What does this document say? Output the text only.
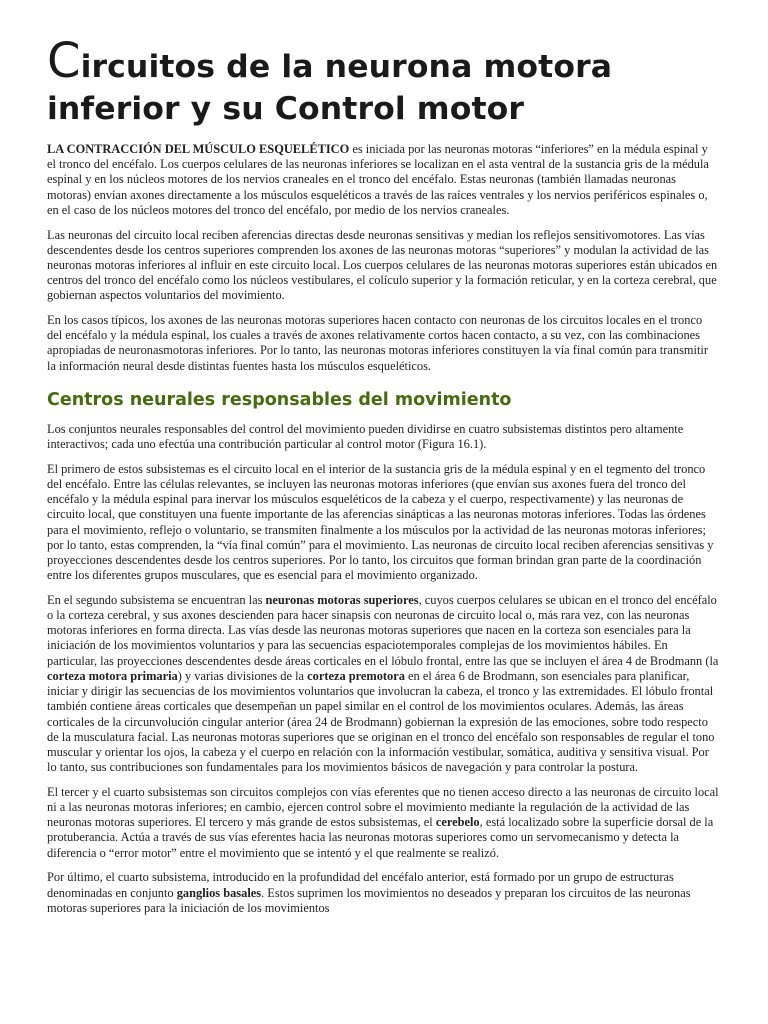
Circuitos de la neurona motora inferior y su Control motor

LA CONTRACCIÓN DEL MÚSCULO ESQUELÉTICO es iniciada por las neuronas motoras “inferiores” en la médula espinal y el tronco del encéfalo. Los cuerpos celulares de las neuronas inferiores se localizan en el asta ventral de la sustancia gris de la médula espinal y en los núcleos motores de los nervios craneales en el tronco del encéfalo. Estas neuronas (también llamadas neuronas motoras) envían axones directamente a los músculos esqueléticos a través de las raíces ventrales y los nervios periféricos espinales o, en el caso de los núcleos motores del tronco del encéfalo, por medio de los nervios craneales.

Las neuronas del circuito local reciben aferencias directas desde neuronas sensitivas y median los reflejos sensitivomotores. Las vías descendentes desde los centros superiores comprenden los axones de las neuronas motoras “superiores” y modulan la actividad de las neuronas motoras inferiores al influir en este circuito local. Los cuerpos celulares de las neuronas motoras superiores están ubicados en centros del tronco del encéfalo como los núcleos vestibulares, el colículo superior y la formación reticular, y en la corteza cerebral, que gobiernan aspectos voluntarios del movimiento.

En los casos típicos, los axones de las neuronas motoras superiores hacen contacto con neuronas de los circuitos locales en el tronco del encéfalo y la médula espinal, los cuales a través de axones relativamente cortos hacen contacto, a su vez, con las combinaciones apropiadas de neuronasmotoras inferiores. Por lo tanto, las neuronas motoras inferiores constituyen la vía final común para transmitir la información neural desde distintas fuentes hasta los músculos esqueléticos.

Centros neurales responsables del movimiento

Los conjuntos neurales responsables del control del movimiento pueden dividirse en cuatro subsistemas distintos pero altamente interactivos; cada uno efectúa una contribución particular al control motor (Figura 16.1).

El primero de estos subsistemas es el circuito local en el interior de la sustancia gris de la médula espinal y en el tegmento del tronco del encéfalo. Entre las células relevantes, se incluyen las neuronas motoras inferiores (que envían sus axones fuera del tronco del encéfalo y la médula espinal para inervar los músculos esqueléticos de la cabeza y el cuerpo, respectivamente) y las neuronas de circuito local, que constituyen una fuente importante de las aferencias sinápticas a las neuronas motoras inferiores. Todas las órdenes para el movimiento, reflejo o voluntario, se transmiten finalmente a los músculos por la actividad de las neuronas motoras inferiores; por lo tanto, estas comprenden, la “vía final común” para el movimiento. Las neuronas de circuito local reciben aferencias sensitivas y proyecciones descendentes desde los centros superiores. Por lo tanto, los circuitos que forman brindan gran parte de la coordinación entre los diferentes grupos musculares, que es esencial para el movimiento organizado.

En el segundo subsistema se encuentran las neuronas motoras superiores, cuyos cuerpos celulares se ubican en el tronco del encéfalo o la corteza cerebral, y sus axones descienden para hacer sinapsis con neuronas de circuito local o, más rara vez, con las neuronas motoras inferiores en forma directa. Las vías desde las neuronas motoras superiores que nacen en la corteza son esenciales para la iniciación de los movimientos voluntarios y para las secuencias espaciotemporales complejas de los movimientos hábiles. En particular, las proyecciones descendentes desde áreas corticales en el lóbulo frontal, entre las que se incluyen el área 4 de Brodmann (la corteza motora primaria) y varias divisiones de la corteza premotora en el área 6 de Brodmann, son esenciales para planificar, iniciar y dirigir las secuencias de los movimientos voluntarios que involucran la cabeza, el tronco y las extremidades. El lóbulo frontal también contiene áreas corticales que desempeñan un papel similar en el control de los movimientos oculares. Además, las áreas corticales de la circunvolución cingular anterior (área 24 de Brodmann) gobiernan la expresión de las emociones, sobre todo respecto de la musculatura facial. Las neuronas motoras superiores que se originan en el tronco del encéfalo son responsables de regular el tono muscular y orientar los ojos, la cabeza y el cuerpo en relación con la información vestibular, somática, auditiva y sensitiva visual. Por lo tanto, sus contribuciones son fundamentales para los movimientos básicos de navegación y para controlar la postura.

El tercer y el cuarto subsistemas son circuitos complejos con vías eferentes que no tienen acceso directo a las neuronas de circuito local ni a las neuronas motoras inferiores; en cambio, ejercen control sobre el movimiento mediante la regulación de la actividad de las neuronas motoras superiores. El tercero y más grande de estos subsistemas, el cerebelo, está localizado sobre la superficie dorsal de la protuberancia. Actúa a través de sus vías eferentes hacia las neuronas motoras superiores como un servomecanismo y detecta la diferencia o “error motor” entre el movimiento que se intentó y el que realmente se realizó.

Por último, el cuarto subsistema, introducido en la profundidad del encéfalo anterior, está formado por un grupo de estructuras denominadas en conjunto ganglios basales. Estos suprimen los movimientos no deseados y preparan los circuitos de las neuronas motoras superiores para la iniciación de los movimientos
